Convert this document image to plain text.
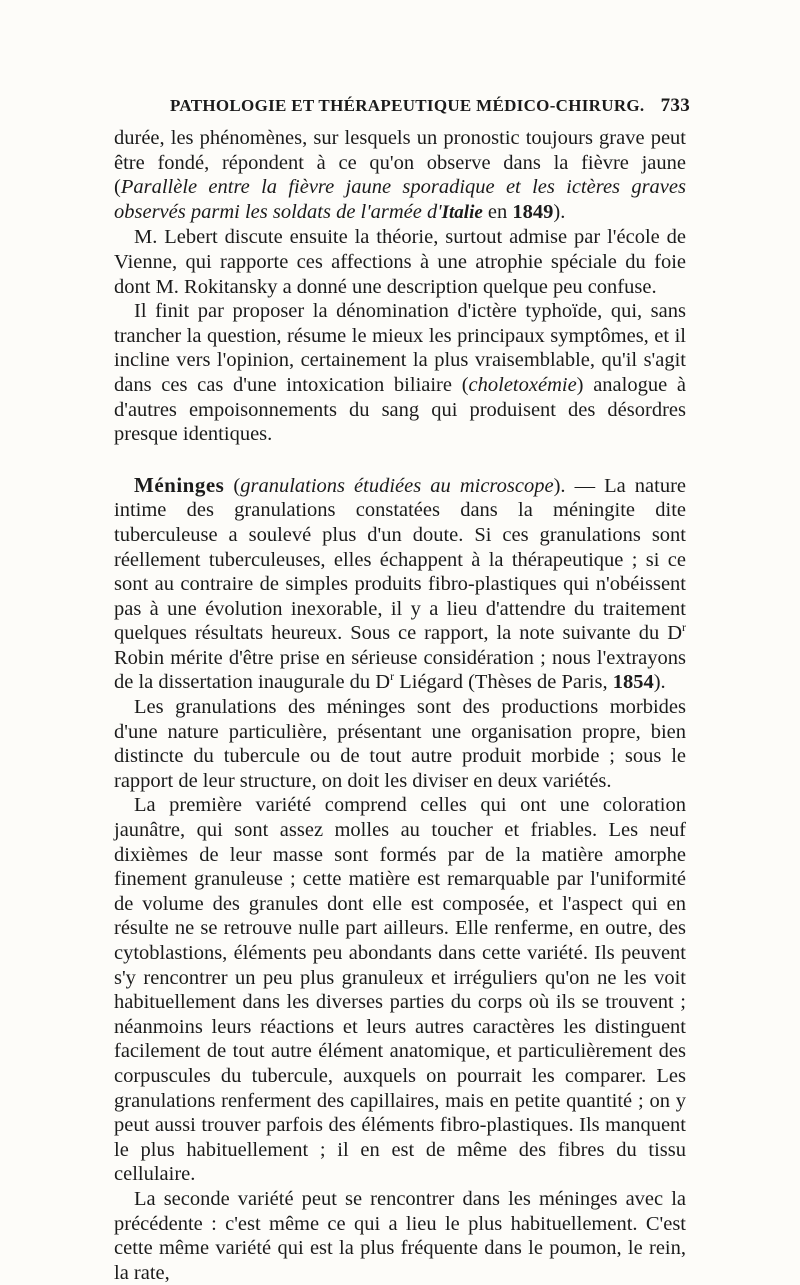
PATHOLOGIE ET THÉRAPEUTIQUE MÉDICO-CHIRURG. 733

durée, les phénomènes, sur lesquels un pronostic toujours grave peut être fondé, répondent à ce qu'on observe dans la fièvre jaune (Parallèle entre la fièvre jaune sporadique et les ictères graves observés parmi les soldats de l'armée d'Italie en 1849).

M. Lebert discute ensuite la théorie, surtout admise par l'école de Vienne, qui rapporte ces affections à une atrophie spéciale du foie dont M. Rokitansky a donné une description quelque peu confuse.

Il finit par proposer la dénomination d'ictère typhoïde, qui, sans trancher la question, résume le mieux les principaux symptômes, et il incline vers l'opinion, certainement la plus vraisemblable, qu'il s'agit dans ces cas d'une intoxication biliaire (choletoxémie) analogue à d'autres empoisonnements du sang qui produisent des désordres presque identiques.

Méninges (granulations étudiées au microscope). — La nature intime des granulations constatées dans la méningite dite tuberculeuse a soulevé plus d'un doute. Si ces granulations sont réellement tuberculeuses, elles échappent à la thérapeutique ; si ce sont au contraire de simples produits fibro-plastiques qui n'obéissent pas à une évolution inexorable, il y a lieu d'attendre du traitement quelques résultats heureux. Sous ce rapport, la note suivante du $D^r$ Robin mérite d'être prise en sérieuse considération ; nous l'extrayons de la dissertation inaugurale du $D^r$ Liégard (Thèses de Paris, 1854).

Les granulations des méninges sont des productions morbides d'une nature particulière, présentant une organisation propre, bien distincte du tubercule ou de tout autre produit morbide ; sous le rapport de leur structure, on doit les diviser en deux variétés.

La première variété comprend celles qui ont une coloration jaunâtre, qui sont assez molles au toucher et friables. Les neuf dixièmes de leur masse sont formés par de la matière amorphe finement granuleuse ; cette matière est remarquable par l'uniformité de volume des granules dont elle est composée, et l'aspect qui en résulte ne se retrouve nulle part ailleurs. Elle renferme, en outre, des cytoblastions, éléments peu abondants dans cette variété. Ils peuvent s'y rencontrer un peu plus granuleux et irréguliers qu'on ne les voit habituellement dans les diverses parties du corps où ils se trouvent ; néanmoins leurs réactions et leurs autres caractères les distinguent facilement de tout autre élément anatomique, et particulièrement des corpuscules du tubercule, auxquels on pourrait les comparer. Les granulations renferment des capillaires, mais en petite quantité ; on y peut aussi trouver parfois des éléments fibro-plastiques. Ils manquent le plus habituellement ; il en est de même des fibres du tissu cellulaire.

La seconde variété peut se rencontrer dans les méninges avec la précédente : c'est même ce qui a lieu le plus habituellement. C'est cette même variété qui est la plus fréquente dans le poumon, le rein, la rate,
